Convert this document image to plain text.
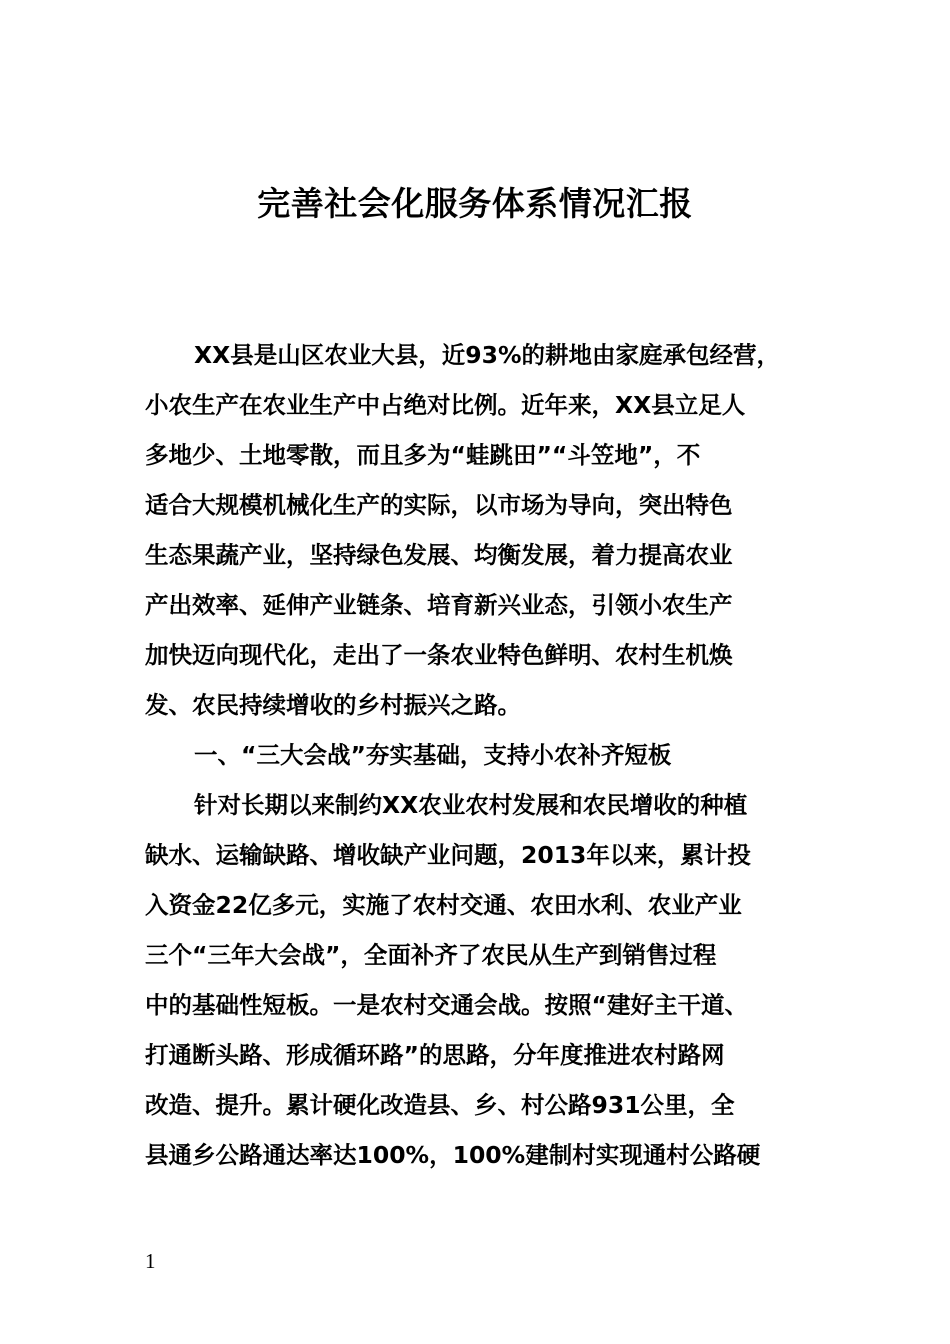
完善社会化服务体系情况汇报
XX县是山区农业大县，近93%的耕地由家庭承包经营，
小农生产在农业生产中占绝对比例。近年来，XX县立足人
多地少、土地零散，而且多为“蛙跳田”“斗笠地”，不
适合大规模机械化生产的实际，以市场为导向，突出特色
生态果蔬产业，坚持绿色发展、均衡发展，着力提高农业
产出效率、延伸产业链条、培育新兴业态，引领小农生产
加快迈向现代化，走出了一条农业特色鲜明、农村生机焕
发、农民持续增收的乡村振兴之路。
一、“三大会战”夯实基础，支持小农补齐短板
针对长期以来制约XX农业农村发展和农民增收的种植
缺水、运输缺路、增收缺产业问题，2013年以来，累计投
入资金22亿多元，实施了农村交通、农田水利、农业产业
三个“三年大会战”，全面补齐了农民从生产到销售过程
中的基础性短板。一是农村交通会战。按照“建好主干道、
打通断头路、形成循环路”的思路，分年度推进农村路网
改造、提升。累计硬化改造县、乡、村公路931公里，全
县通乡公路通达率达100%，100%建制村实现通村公路硬
1
